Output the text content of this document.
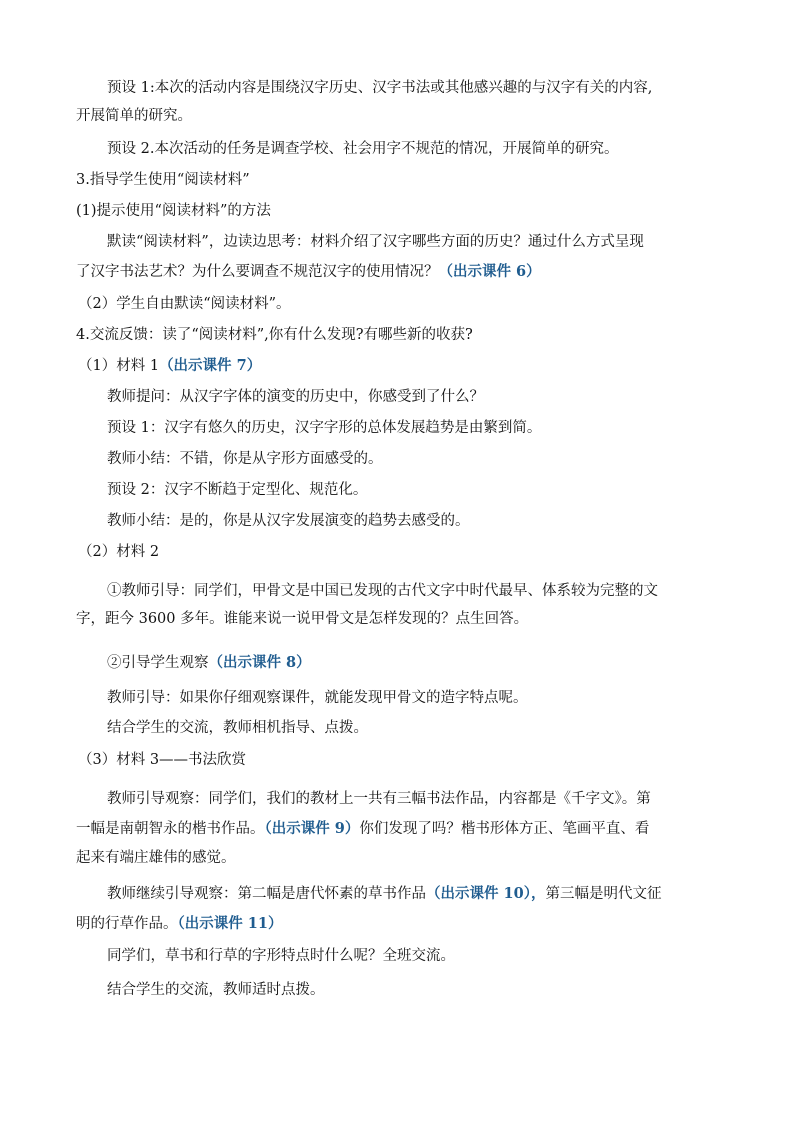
预设 1:本次的活动内容是围绕汉字历史、汉字书法或其他感兴趣的与汉字有关的内容,
开展简单的研究。
预设 2.本次活动的任务是调查学校、社会用字不规范的情况，开展简单的研究。
3.指导学生使用“阅读材料”
(1)提示使用“阅读材料”的方法
默读“阅读材料”，边读边思考：材料介绍了汉字哪些方面的历史？通过什么方式呈现
了汉字书法艺术？为什么要调查不规范汉字的使用情况？（出示课件 6）
（2）学生自由默读“阅读材料”。
4.交流反馈：读了“阅读材料”,你有什么发现?有哪些新的收获?
（1）材料 1（出示课件 7）
教师提问：从汉字字体的演变的历史中，你感受到了什么？
预设 1：汉字有悠久的历史，汉字字形的总体发展趋势是由繁到简。
教师小结：不错，你是从字形方面感受的。
预设 2：汉字不断趋于定型化、规范化。
教师小结：是的，你是从汉字发展演变的趋势去感受的。
（2）材料 2
①教师引导：同学们，甲骨文是中国已发现的古代文字中时代最早、体系较为完整的文
字，距今 3600 多年。谁能来说一说甲骨文是怎样发现的？点生回答。
②引导学生观察（出示课件 8）
教师引导：如果你仔细观察课件，就能发现甲骨文的造字特点呢。
结合学生的交流，教师相机指导、点拨。
（3）材料 3——书法欣赏
教师引导观察：同学们，我们的教材上一共有三幅书法作品，内容都是《千字文》。第
一幅是南朝智永的楷书作品。（出示课件 9）你们发现了吗？楷书形体方正、笔画平直、看
起来有端庄雄伟的感觉。
教师继续引导观察：第二幅是唐代怀素的草书作品（出示课件 10），第三幅是明代文征
明的行草作品。（出示课件 11）
同学们，草书和行草的字形特点时什么呢？全班交流。
结合学生的交流，教师适时点拨。
